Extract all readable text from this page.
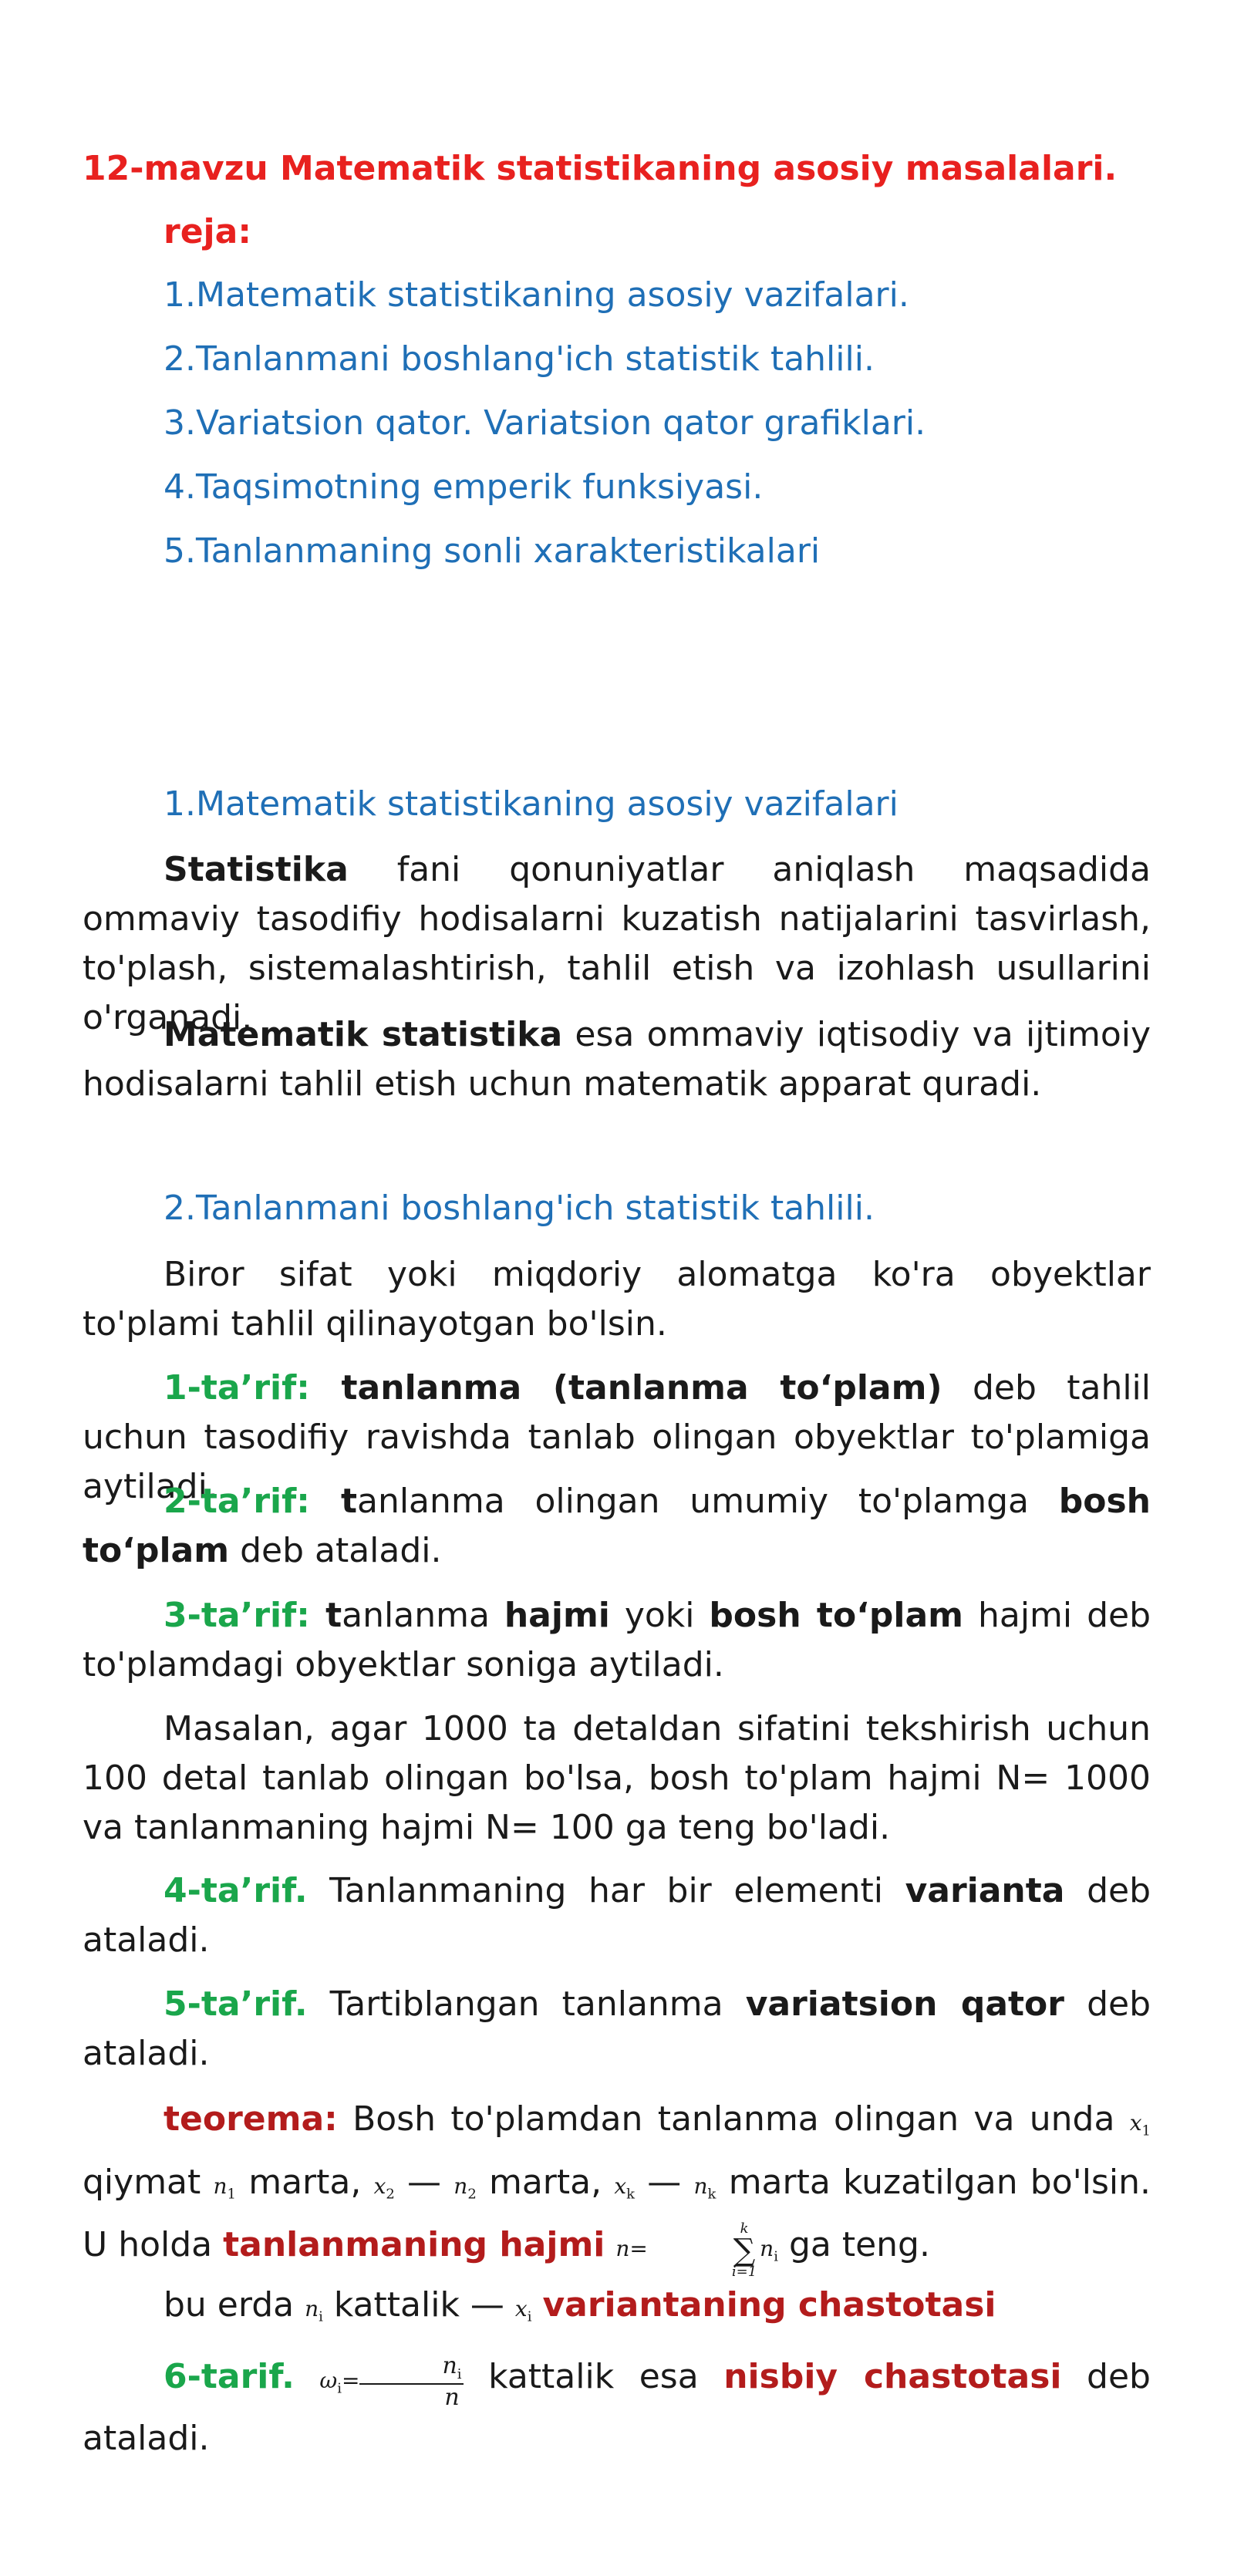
12-mavzu Matematik statistikaning asosiy masalalari.
reja:
1.Matematik statistikaning asosiy vazifalari.
2.Tanlanmani boshlang'ich statistik tahlili.
3.Variatsion qator. Variatsion qator grafiklari.
4.Taqsimotning emperik funksiyasi.
5.Tanlanmaning sonli xarakteristikalari
1.Matematik statistikaning asosiy vazifalari
Statistika fani qonuniyatlar aniqlash maqsadida ommaviy tasodifiy hodisalarni kuzatish natijalarini tasvirlash, to'plash, sistemalashtirish, tahlil etish va izohlash usullarini o'rganadi.
Matematik statistika esa ommaviy iqtisodiy va ijtimoiy hodisalarni tahlil etish uchun matematik apparat quradi.
2.Tanlanmani boshlang'ich statistik tahlili.
Biror sifat yoki miqdoriy alomatga ko'ra obyektlar to'plami tahlil qilinayotgan bo'lsin.
1-ta’rif: tanlanma (tanlanma to‘plam) deb tahlil uchun tasodifiy ravishda tanlab olingan obyektlar to'plamiga aytiladi.
2-ta’rif: tanlanma olingan umumiy to'plamga bosh to‘plam deb ataladi.
3-ta’rif: tanlanma hajmi yoki bosh to‘plam hajmi deb to'plamdagi obyektlar soniga aytiladi.
Masalan, agar 1000 ta detaldan sifatini tekshirish uchun 100 detal tanlab olingan bo'lsa, bosh to'plam hajmi N= 1000 va tanlanmaning hajmi N= 100 ga teng bo'ladi.
4-ta’rif. Tanlanmaning har bir elementi varianta deb ataladi.
5-ta’rif. Tartiblangan tanlanma variatsion qator deb ataladi.
teorema: Bosh to'plamdan tanlanma olingan va unda $x_1$ qiymat $n_1$ marta, $x_2$ — $n_2$ marta, $x_k$ — $n_k$ marta kuzatilgan bo'lsin. U holda tanlanmaning hajmi n=
k
∑
i=1
$n_i$ ga teng.
bu erda $n_i$ kattalik — $x_i$ variantaning chastotasi
6-tarif. $\omega_i= \frac{n_i}{n}$ kattalik esa nisbiy chastotasi deb ataladi.
